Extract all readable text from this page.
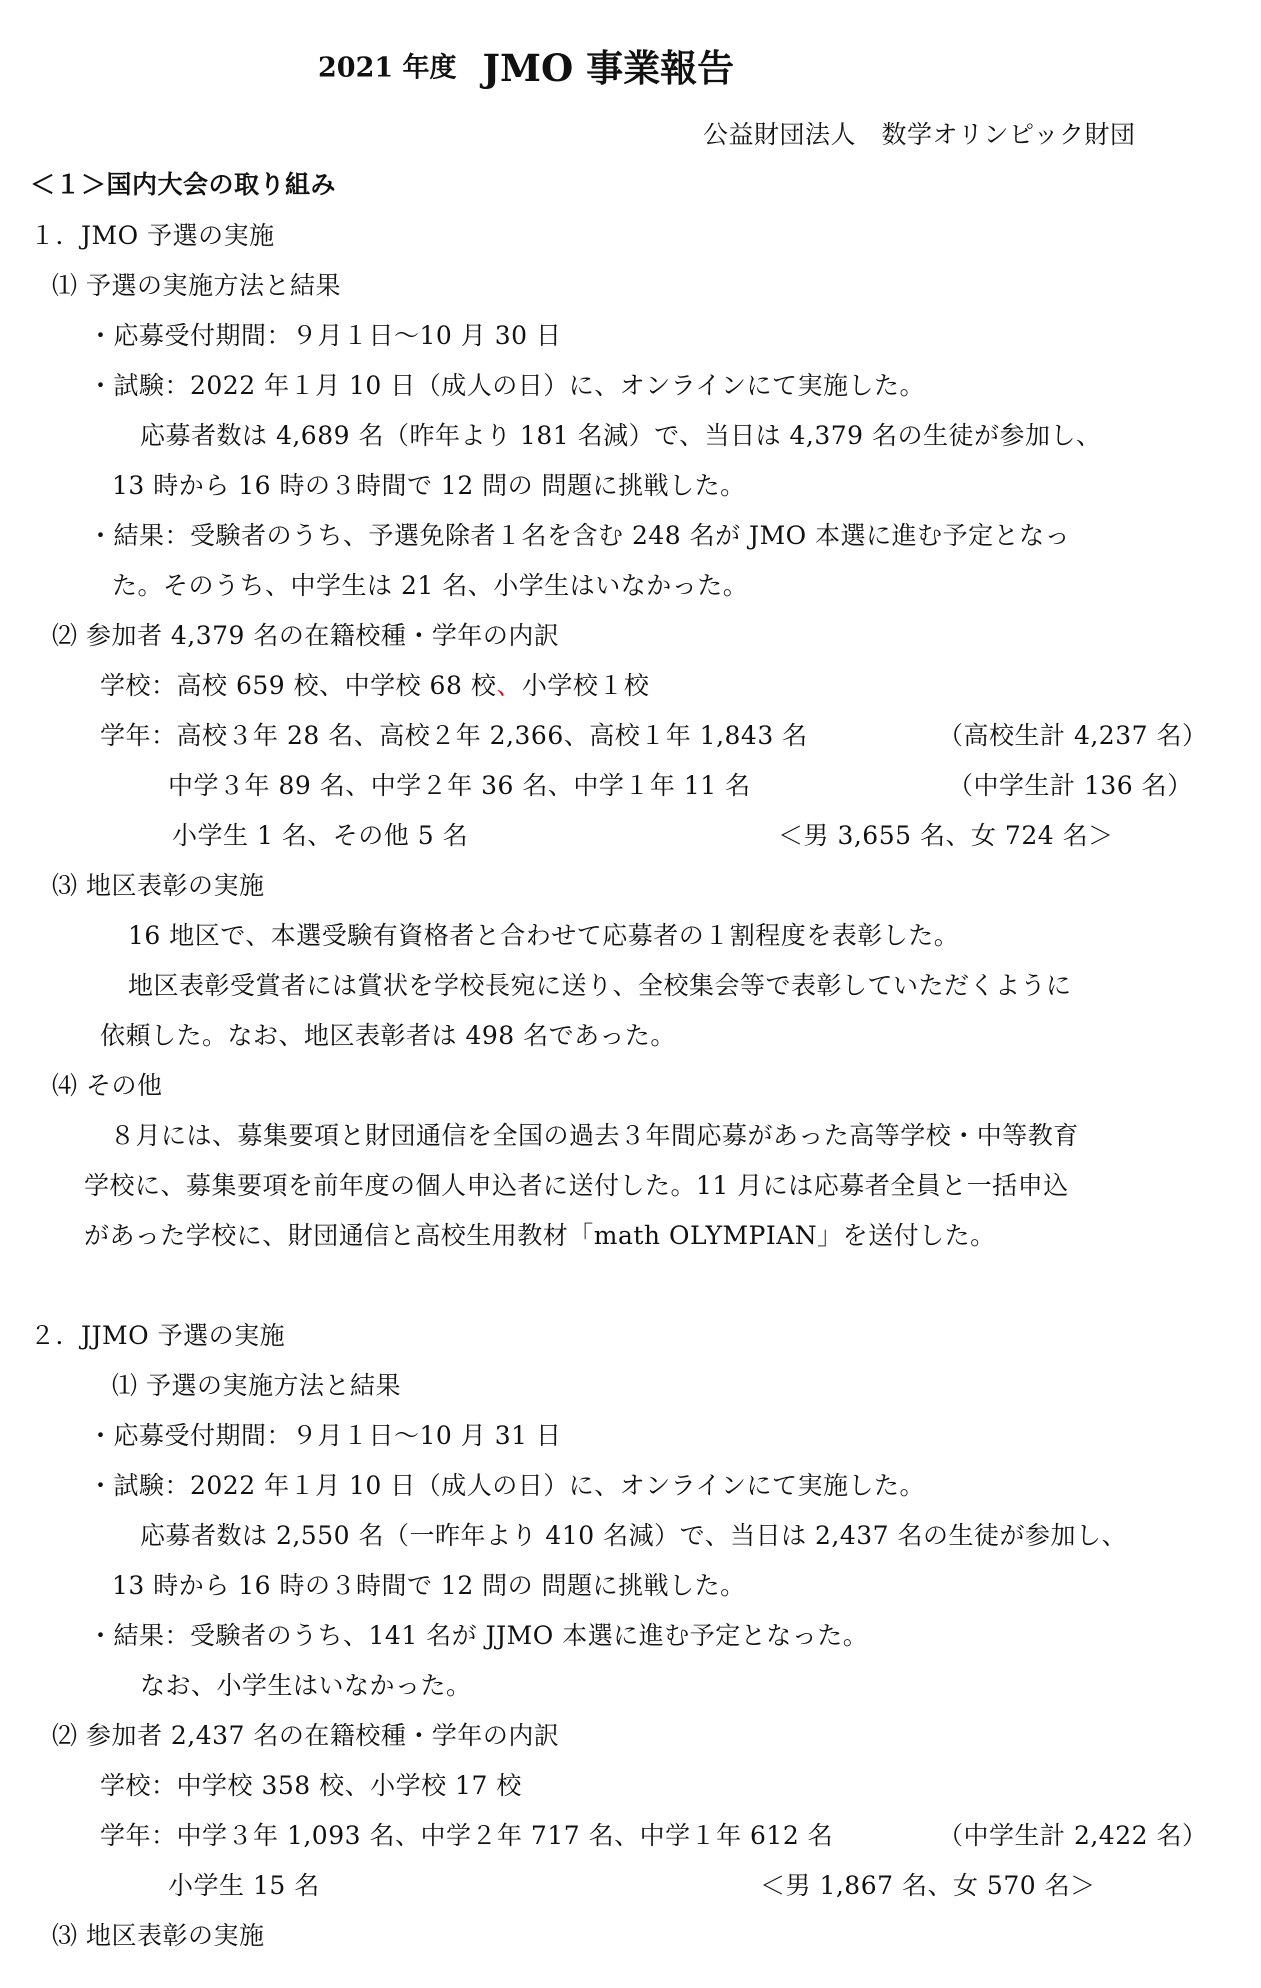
2021 年度 JMO 事業報告
公益財団法人　数学オリンピック財団
＜１＞国内大会の取り組み
１．JMO 予選の実施
⑴ 予選の実施方法と結果
・応募受付期間：９月１日〜10 月 30 日
・試験：2022 年１月 10 日（成人の日）に、オンラインにて実施した。
応募者数は 4,689 名（昨年より 181 名減）で、当日は 4,379 名の生徒が参加し、
13 時から 16 時の３時間で 12 問の 問題に挑戦した。
・結果：受験者のうち、予選免除者１名を含む 248 名が JMO 本選に進む予定となっ
た。そのうち、中学生は 21 名、小学生はいなかった。
⑵ 参加者 4,379 名の在籍校種・学年の内訳
学校：高校 659 校、中学校 68 校、小学校１校
学年：高校３年 28 名、高校２年 2,366、高校１年 1,843 名	（高校生計 4,237 名）
中学３年 89 名、中学２年 36 名、中学１年 11 名	（中学生計 136 名）
小学生 1 名、その他 5 名	＜男 3,655 名、女 724 名＞
⑶ 地区表彰の実施
16 地区で、本選受験有資格者と合わせて応募者の１割程度を表彰した。
地区表彰受賞者には賞状を学校長宛に送り、全校集会等で表彰していただくように
依頼した。なお、地区表彰者は 498 名であった。
⑷ その他
８月には、募集要項と財団通信を全国の過去３年間応募があった高等学校・中等教育
学校に、募集要項を前年度の個人申込者に送付した。11 月には応募者全員と一括申込
があった学校に、財団通信と高校生用教材「math OLYMPIAN」を送付した。
２．JJMO 予選の実施
⑴ 予選の実施方法と結果
・応募受付期間：９月１日〜10 月 31 日
・試験：2022 年１月 10 日（成人の日）に、オンラインにて実施した。
応募者数は 2,550 名（一昨年より 410 名減）で、当日は 2,437 名の生徒が参加し、
13 時から 16 時の３時間で 12 問の 問題に挑戦した。
・結果：受験者のうち、141 名が JJMO 本選に進む予定となった。
なお、小学生はいなかった。
⑵ 参加者 2,437 名の在籍校種・学年の内訳
学校：中学校 358 校、小学校 17 校
学年：中学３年 1,093 名、中学２年 717 名、中学１年 612 名	（中学生計 2,422 名）
小学生 15 名	＜男 1,867 名、女 570 名＞
⑶ 地区表彰の実施
